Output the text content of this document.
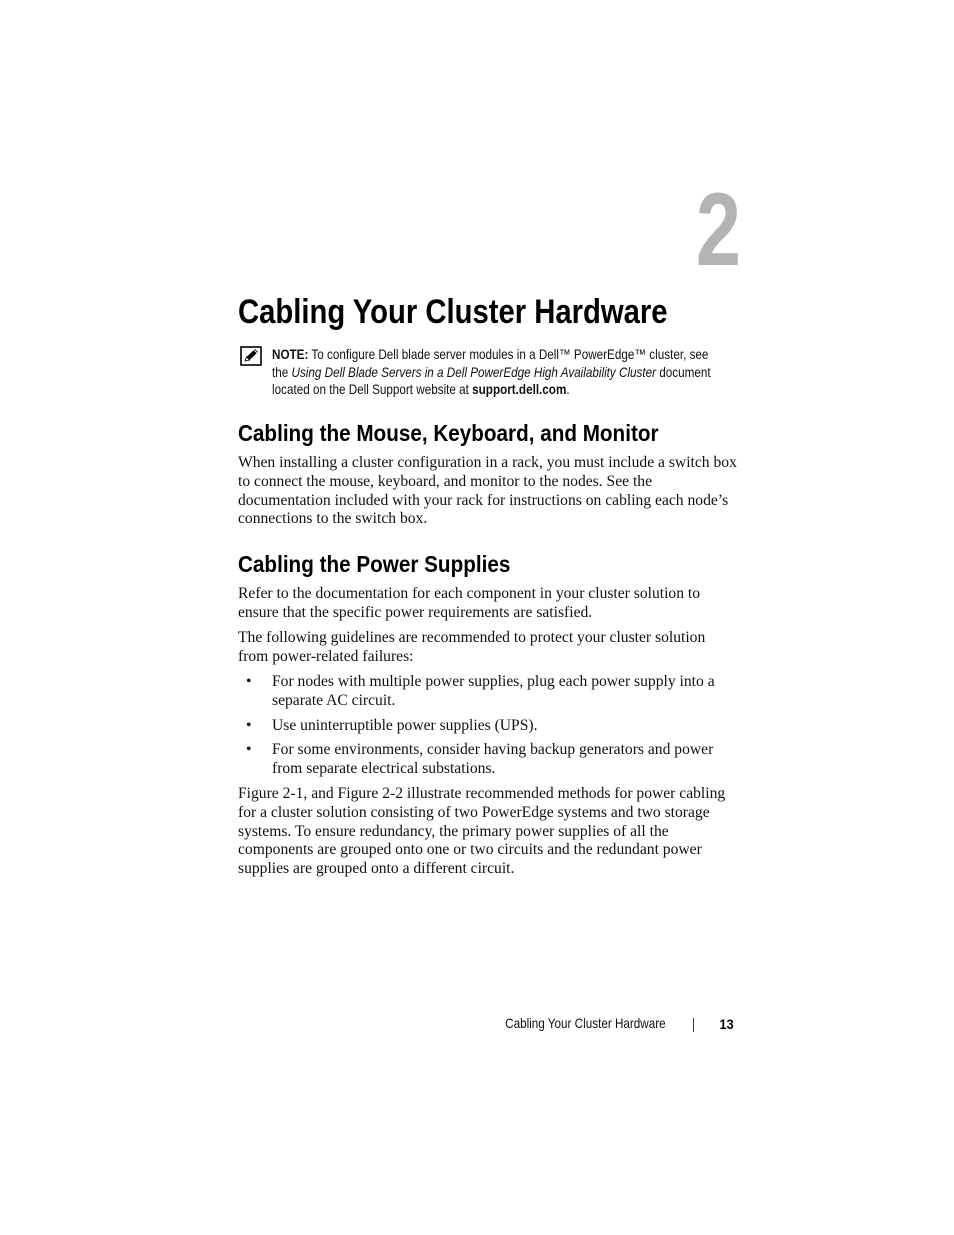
2
Cabling Your Cluster Hardware

NOTE: To configure Dell blade server modules in a Dell™ PowerEdge™ cluster, see the Using Dell Blade Servers in a Dell PowerEdge High Availability Cluster document located on the Dell Support website at support.dell.com.

Cabling the Mouse, Keyboard, and Monitor

When installing a cluster configuration in a rack, you must include a switch box to connect the mouse, keyboard, and monitor to the nodes. See the documentation included with your rack for instructions on cabling each node’s connections to the switch box.

Cabling the Power Supplies

Refer to the documentation for each component in your cluster solution to ensure that the specific power requirements are satisfied.

The following guidelines are recommended to protect your cluster solution from power-related failures:

• For nodes with multiple power supplies, plug each power supply into a separate AC circuit.
• Use uninterruptible power supplies (UPS).
• For some environments, consider having backup generators and power from separate electrical substations.

Figure 2-1, and Figure 2-2 illustrate recommended methods for power cabling for a cluster solution consisting of two PowerEdge systems and two storage systems. To ensure redundancy, the primary power supplies of all the components are grouped onto one or two circuits and the redundant power supplies are grouped onto a different circuit.

Cabling Your Cluster Hardware	13
